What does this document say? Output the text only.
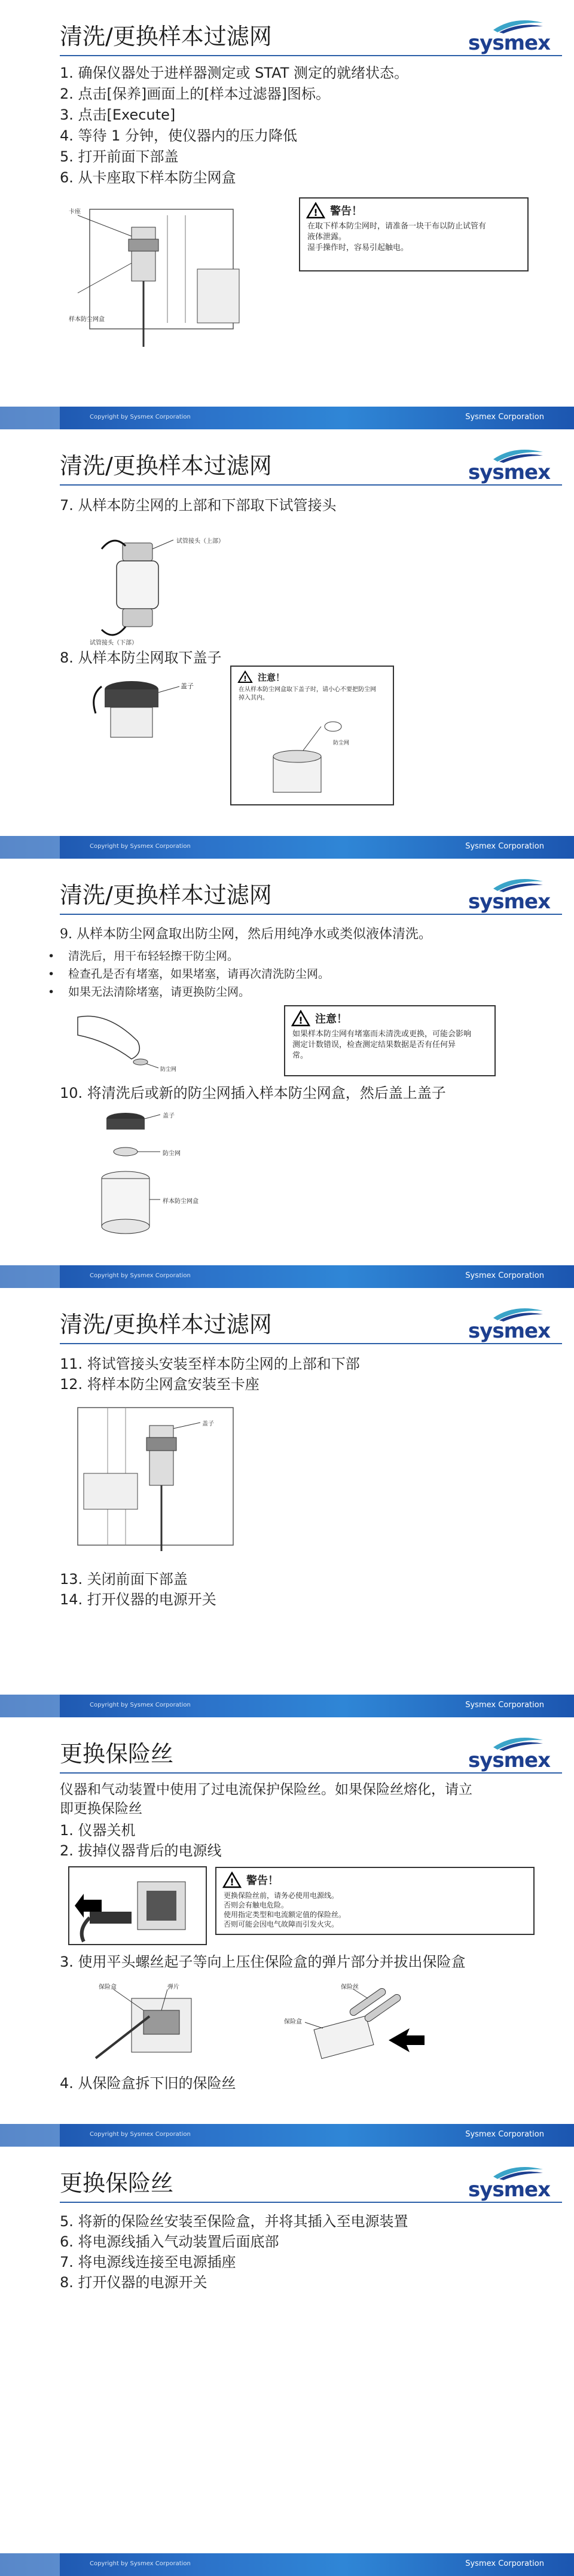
清洗/更换样本过滤网	sysmex
1. 确保仪器处于进样器测定或 STAT 测定的就绪状态。
2. 点击[保养]画面上的[样本过滤器]图标。
3. 点击[Execute]
4. 等待 1 分钟，使仪器内的压力降低
5. 打开前面下部盖
6. 从卡座取下样本防尘网盒
卡座
样本防尘网盒
! 警告！
在取下样本防尘网时，请准备一块干布以防止试管有
液体泄露。
湿手操作时，容易引起触电。
Copyright by Sysmex Corporation	Sysmex Corporation
清洗/更换样本过滤网	sysmex
7. 从样本防尘网的上部和下部取下试管接头
试管接头（上部）
试管接头（下部）
8. 从样本防尘网取下盖子
盖子
! 注意！
在从样本防尘网盒取下盖子时，请小心不要把防尘网
掉入其内。
防尘网
Copyright by Sysmex Corporation	Sysmex Corporation
清洗/更换样本过滤网	sysmex
9. 从样本防尘网盒取出防尘网，然后用纯净水或类似液体清洗。
• 清洗后，用干布轻轻擦干防尘网。
• 检查孔是否有堵塞，如果堵塞，请再次清洗防尘网。
• 如果无法清除堵塞，请更换防尘网。
防尘网
! 注意！
如果样本防尘网有堵塞而未清洗或更换，可能会影响
测定计数错误，检查测定结果数据是否有任何异
常。
10. 将清洗后或新的防尘网插入样本防尘网盒，然后盖上盖子
盖子
防尘网
样本防尘网盒
Copyright by Sysmex Corporation	Sysmex Corporation
清洗/更换样本过滤网	sysmex
11. 将试管接头安装至样本防尘网的上部和下部
12. 将样本防尘网盒安装至卡座
盖子
13. 关闭前面下部盖
14. 打开仪器的电源开关
Copyright by Sysmex Corporation	Sysmex Corporation
更换保险丝	sysmex
仪器和气动装置中使用了过电流保护保险丝。如果保险丝熔化，请立
即更换保险丝
1. 仪器关机
2. 拔掉仪器背后的电源线
! 警告！
更换保险丝前，请务必使用电源线。
否则会有触电危险。
使用指定类型和电流额定值的保险丝。
否则可能会因电气故障而引发火灾。
3. 使用平头螺丝起子等向上压住保险盒的弹片部分并拔出保险盒
保险盒	弹片	保险丝
保险盒
4. 从保险盒拆下旧的保险丝
Copyright by Sysmex Corporation	Sysmex Corporation
更换保险丝	sysmex
5. 将新的保险丝安装至保险盒，并将其插入至电源装置
6. 将电源线插入气动装置后面底部
7. 将电源线连接至电源插座
8. 打开仪器的电源开关
Copyright by Sysmex Corporation	Sysmex Corporation
